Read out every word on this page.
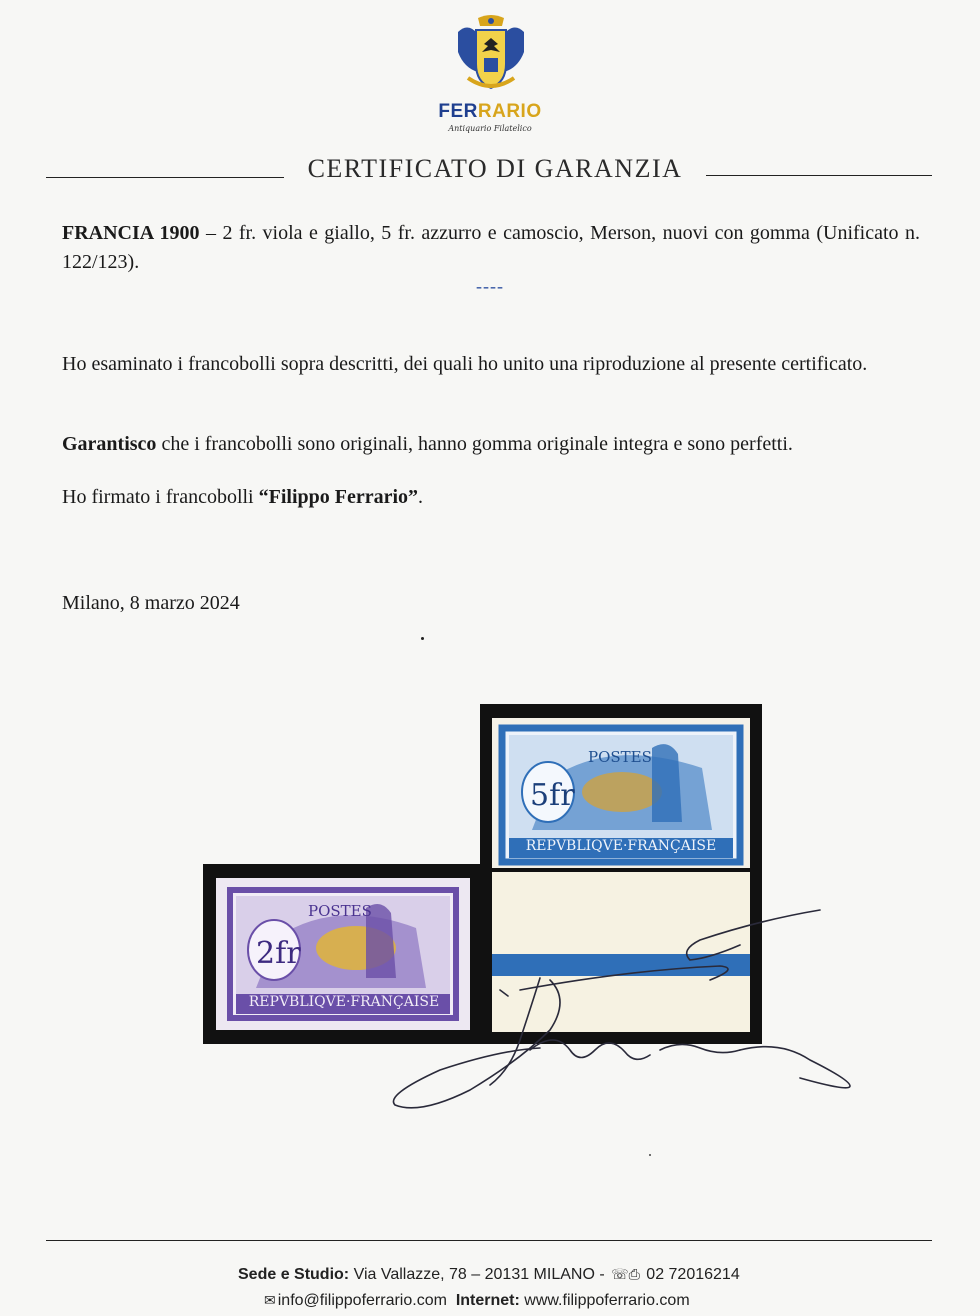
FERRARIO
Antiquario Filatelico
CERTIFICATO DI GARANZIA
FRANCIA 1900 – 2 fr. viola e giallo, 5 fr. azzurro e camoscio, Merson, nuovi con gomma (Unificato n. 122/123).
----
Ho esaminato i francobolli sopra descritti, dei quali ho unito una riproduzione al presente certificato.
Garantisco che i francobolli sono originali, hanno gomma originale integra e sono perfetti.
Ho firmato i francobolli “Filippo Ferrario”.
Milano, 8 marzo 2024
POSTES
2fr
REPVBLIQVE·FRANÇAISE
POSTES
5fr
REPVBLIQVE·FRANÇAISE
Sede e Studio: Via Vallazze, 78 – 20131 MILANO - ☏⎙ 02 72016214
✉ info@filippoferrario.com Internet: www.filippoferrario.com
